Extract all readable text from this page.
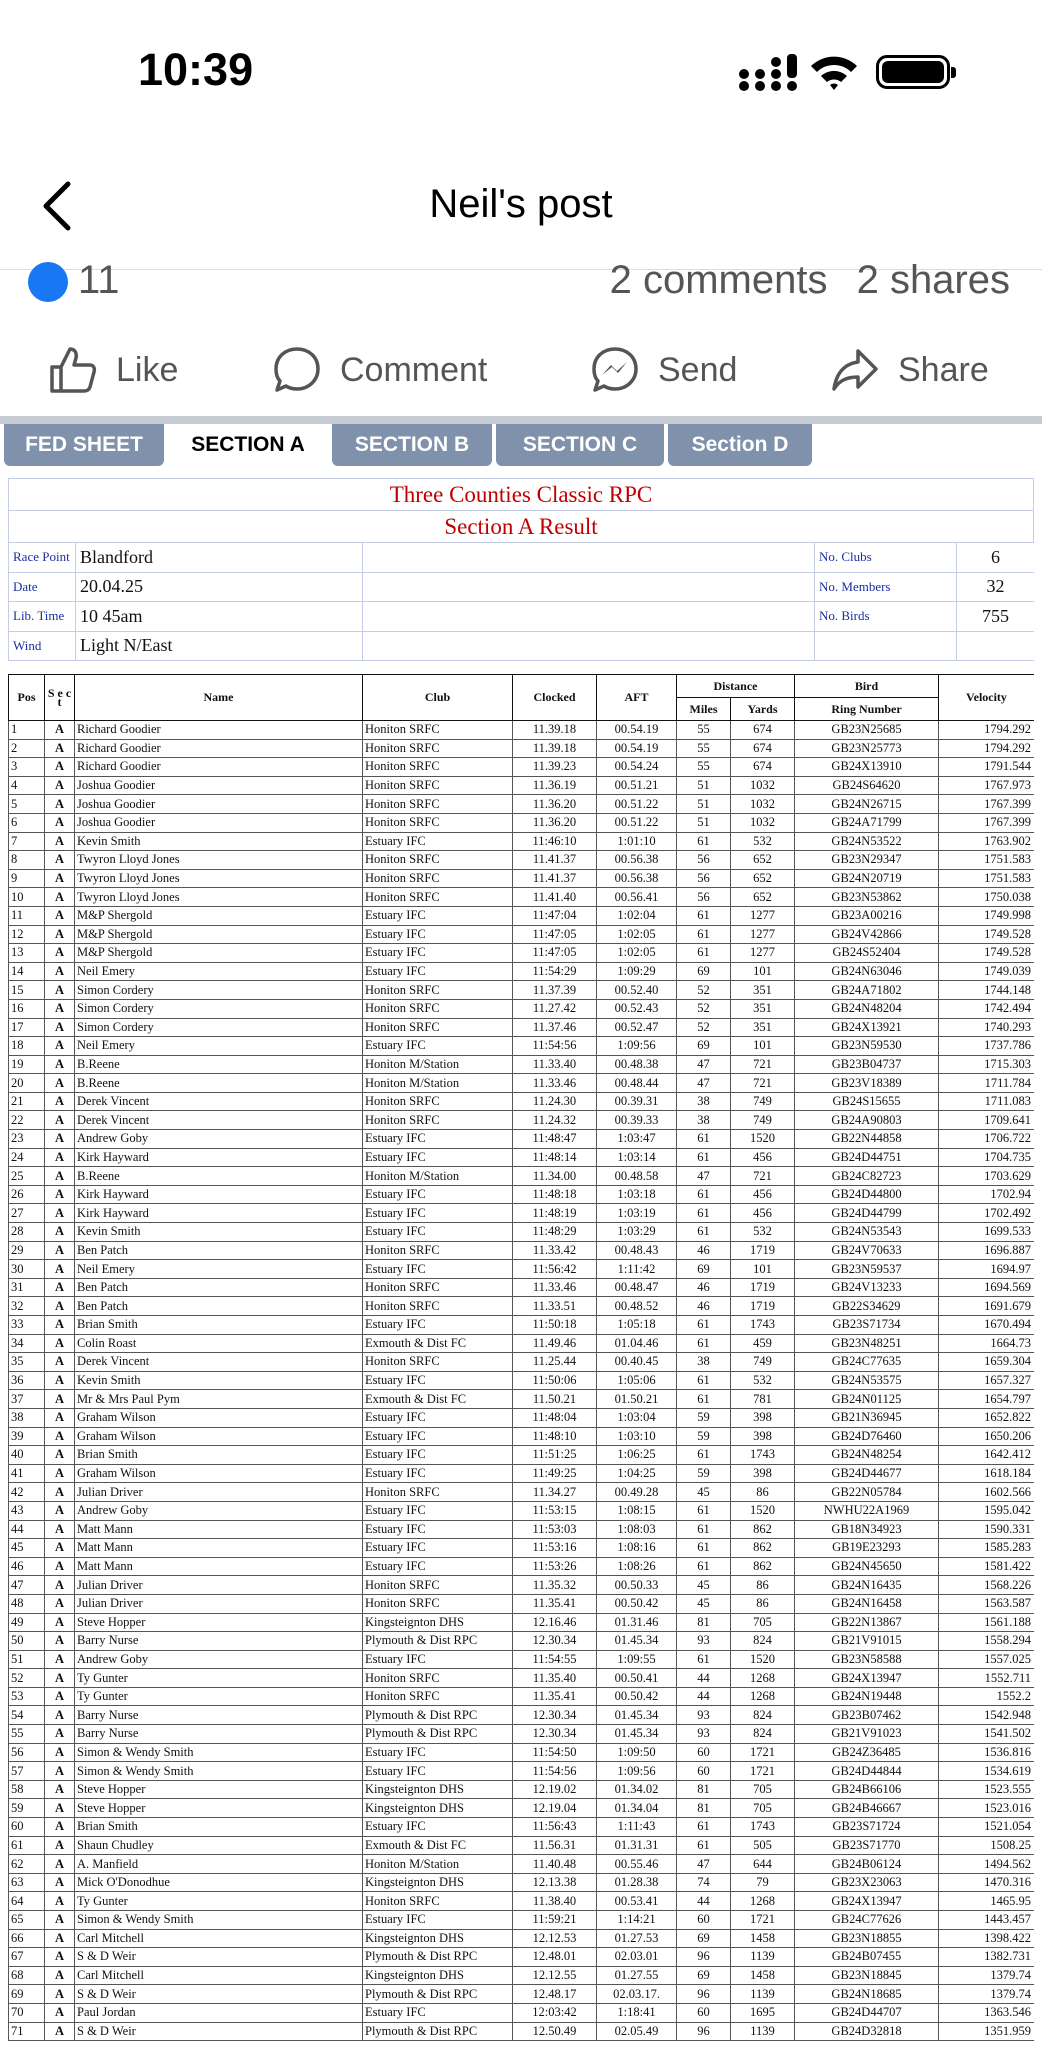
10:39
Neil's post
11	2 comments 2 shares
Like	Comment	Send	Share
FED SHEET	SECTION A	SECTION B	SECTION C	Section D
Three Counties Classic RPC
Section A Result
Race Point	Blandford		No. Clubs	6
Date	20.04.25		No. Members	32
Lib. Time	10 45am		No. Birds	755
Wind	Light N/East			
Pos	S e c t	Name	Club	Clocked	AFT	Distance		Bird	Velocity
						Miles	Yards	Ring Number	
1	A	Richard Goodier	Honiton SRFC	11.39.18	00.54.19	55	674	GB23N25685	1794.292
2	A	Richard Goodier	Honiton SRFC	11.39.18	00.54.19	55	674	GB23N25773	1794.292
3	A	Richard Goodier	Honiton SRFC	11.39.23	00.54.24	55	674	GB24X13910	1791.544
4	A	Joshua Goodier	Honiton SRFC	11.36.19	00.51.21	51	1032	GB24S64620	1767.973
5	A	Joshua Goodier	Honiton SRFC	11.36.20	00.51.22	51	1032	GB24N26715	1767.399
6	A	Joshua Goodier	Honiton SRFC	11.36.20	00.51.22	51	1032	GB24A71799	1767.399
7	A	Kevin Smith	Estuary IFC	11:46:10	1:01:10	61	532	GB24N53522	1763.902
8	A	Twyron Lloyd Jones	Honiton SRFC	11.41.37	00.56.38	56	652	GB23N29347	1751.583
9	A	Twyron Lloyd Jones	Honiton SRFC	11.41.37	00.56.38	56	652	GB24N20719	1751.583
10	A	Twyron Lloyd Jones	Honiton SRFC	11.41.40	00.56.41	56	652	GB23N53862	1750.038
11	A	M&P Shergold	Estuary IFC	11:47:04	1:02:04	61	1277	GB23A00216	1749.998
12	A	M&P Shergold	Estuary IFC	11:47:05	1:02:05	61	1277	GB24V42866	1749.528
13	A	M&P Shergold	Estuary IFC	11:47:05	1:02:05	61	1277	GB24S52404	1749.528
14	A	Neil Emery	Estuary IFC	11:54:29	1:09:29	69	101	GB24N63046	1749.039
15	A	Simon Cordery	Honiton SRFC	11.37.39	00.52.40	52	351	GB24A71802	1744.148
16	A	Simon Cordery	Honiton SRFC	11.27.42	00.52.43	52	351	GB24N48204	1742.494
17	A	Simon Cordery	Honiton SRFC	11.37.46	00.52.47	52	351	GB24X13921	1740.293
18	A	Neil Emery	Estuary IFC	11:54:56	1:09:56	69	101	GB23N59530	1737.786
19	A	B.Reene	Honiton M/Station	11.33.40	00.48.38	47	721	GB23B04737	1715.303
20	A	B.Reene	Honiton M/Station	11.33.46	00.48.44	47	721	GB23V18389	1711.784
21	A	Derek Vincent	Honiton SRFC	11.24.30	00.39.31	38	749	GB24S15655	1711.083
22	A	Derek Vincent	Honiton SRFC	11.24.32	00.39.33	38	749	GB24A90803	1709.641
23	A	Andrew Goby	Estuary IFC	11:48:47	1:03:47	61	1520	GB22N44858	1706.722
24	A	Kirk Hayward	Estuary IFC	11:48:14	1:03:14	61	456	GB24D44751	1704.735
25	A	B.Reene	Honiton M/Station	11.34.00	00.48.58	47	721	GB24C82723	1703.629
26	A	Kirk Hayward	Estuary IFC	11:48:18	1:03:18	61	456	GB24D44800	1702.94
27	A	Kirk Hayward	Estuary IFC	11:48:19	1:03:19	61	456	GB24D44799	1702.492
28	A	Kevin Smith	Estuary IFC	11:48:29	1:03:29	61	532	GB24N53543	1699.533
29	A	Ben Patch	Honiton SRFC	11.33.42	00.48.43	46	1719	GB24V70633	1696.887
30	A	Neil Emery	Estuary IFC	11:56:42	1:11:42	69	101	GB23N59537	1694.97
31	A	Ben Patch	Honiton SRFC	11.33.46	00.48.47	46	1719	GB24V13233	1694.569
32	A	Ben Patch	Honiton SRFC	11.33.51	00.48.52	46	1719	GB22S34629	1691.679
33	A	Brian Smith	Estuary IFC	11:50:18	1:05:18	61	1743	GB23S71734	1670.494
34	A	Colin Roast	Exmouth & Dist FC	11.49.46	01.04.46	61	459	GB23N48251	1664.73
35	A	Derek Vincent	Honiton SRFC	11.25.44	00.40.45	38	749	GB24C77635	1659.304
36	A	Kevin Smith	Estuary IFC	11:50:06	1:05:06	61	532	GB24N53575	1657.327
37	A	Mr & Mrs Paul Pym	Exmouth & Dist FC	11.50.21	01.50.21	61	781	GB24N01125	1654.797
38	A	Graham Wilson	Estuary IFC	11:48:04	1:03:04	59	398	GB21N36945	1652.822
39	A	Graham Wilson	Estuary IFC	11:48:10	1:03:10	59	398	GB24D76460	1650.206
40	A	Brian Smith	Estuary IFC	11:51:25	1:06:25	61	1743	GB24N48254	1642.412
41	A	Graham Wilson	Estuary IFC	11:49:25	1:04:25	59	398	GB24D44677	1618.184
42	A	Julian Driver	Honiton SRFC	11.34.27	00.49.28	45	86	GB22N05784	1602.566
43	A	Andrew Goby	Estuary IFC	11:53:15	1:08:15	61	1520	NWHU22A1969	1595.042
44	A	Matt Mann	Estuary IFC	11:53:03	1:08:03	61	862	GB18N34923	1590.331
45	A	Matt Mann	Estuary IFC	11:53:16	1:08:16	61	862	GB19E23293	1585.283
46	A	Matt Mann	Estuary IFC	11:53:26	1:08:26	61	862	GB24N45650	1581.422
47	A	Julian Driver	Honiton SRFC	11.35.32	00.50.33	45	86	GB24N16435	1568.226
48	A	Julian Driver	Honiton SRFC	11.35.41	00.50.42	45	86	GB24N16458	1563.587
49	A	Steve Hopper	Kingsteignton DHS	12.16.46	01.31.46	81	705	GB22N13867	1561.188
50	A	Barry Nurse	Plymouth & Dist RPC	12.30.34	01.45.34	93	824	GB21V91015	1558.294
51	A	Andrew Goby	Estuary IFC	11:54:55	1:09:55	61	1520	GB23N58588	1557.025
52	A	Ty Gunter	Honiton SRFC	11.35.40	00.50.41	44	1268	GB24X13947	1552.711
53	A	Ty Gunter	Honiton SRFC	11.35.41	00.50.42	44	1268	GB24N19448	1552.2
54	A	Barry Nurse	Plymouth & Dist RPC	12.30.34	01.45.34	93	824	GB23B07462	1542.948
55	A	Barry Nurse	Plymouth & Dist RPC	12.30.34	01.45.34	93	824	GB21V91023	1541.502
56	A	Simon & Wendy Smith	Estuary IFC	11:54:50	1:09:50	60	1721	GB24Z36485	1536.816
57	A	Simon & Wendy Smith	Estuary IFC	11:54:56	1:09:56	60	1721	GB24D44844	1534.619
58	A	Steve Hopper	Kingsteignton DHS	12.19.02	01.34.02	81	705	GB24B66106	1523.555
59	A	Steve Hopper	Kingsteignton DHS	12.19.04	01.34.04	81	705	GB24B46667	1523.016
60	A	Brian Smith	Estuary IFC	11:56:43	1:11:43	61	1743	GB23S71724	1521.054
61	A	Shaun Chudley	Exmouth & Dist FC	11.56.31	01.31.31	61	505	GB23S71770	1508.25
62	A	A. Manfield	Honiton M/Station	11.40.48	00.55.46	47	644	GB24B06124	1494.562
63	A	Mick O'Donodhue	Kingsteignton DHS	12.13.38	01.28.38	74	79	GB23X23063	1470.316
64	A	Ty Gunter	Honiton SRFC	11.38.40	00.53.41	44	1268	GB24X13947	1465.95
65	A	Simon & Wendy Smith	Estuary IFC	11:59:21	1:14:21	60	1721	GB24C77626	1443.457
66	A	Carl Mitchell	Kingsteignton DHS	12.12.53	01.27.53	69	1458	GB23N18855	1398.422
67	A	S & D Weir	Plymouth & Dist RPC	12.48.01	02.03.01	96	1139	GB24B07455	1382.731
68	A	Carl Mitchell	Kingsteignton DHS	12.12.55	01.27.55	69	1458	GB23N18845	1379.74
69	A	S & D Weir	Plymouth & Dist RPC	12.48.17	02.03.17.	96	1139	GB24N18685	1379.74
70	A	Paul Jordan	Estuary IFC	12:03:42	1:18:41	60	1695	GB24D44707	1363.546
71	A	S & D Weir	Plymouth & Dist RPC	12.50.49	02.05.49	96	1139	GB24D32818	1351.959
